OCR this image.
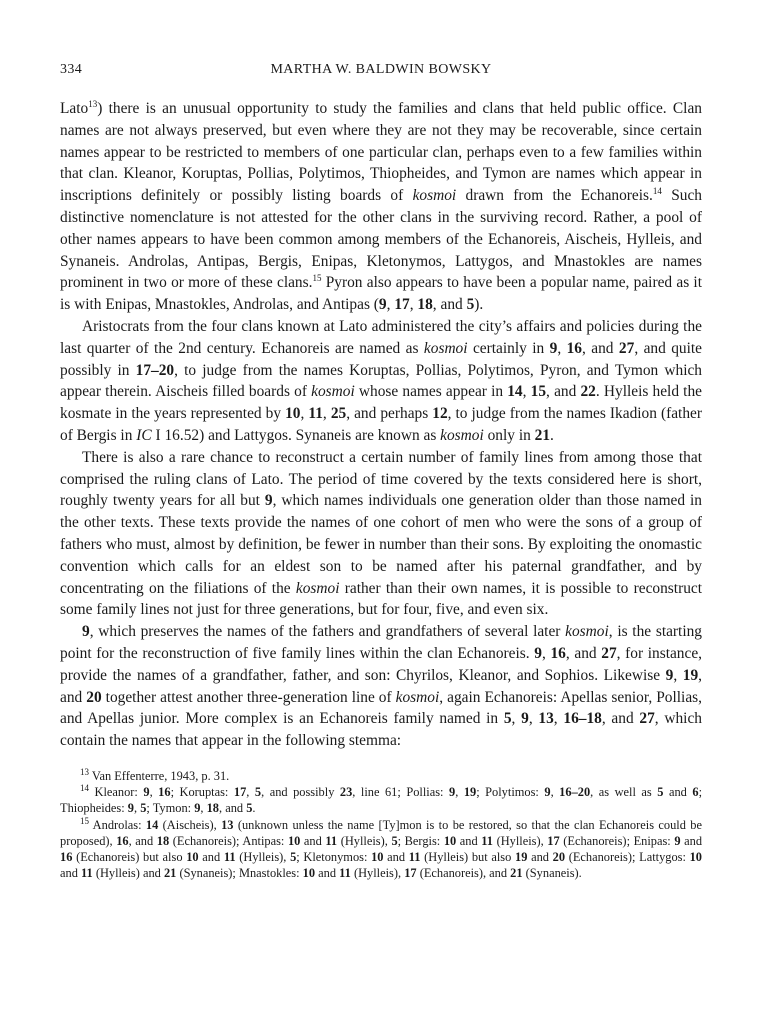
334	MARTHA W. BALDWIN BOWSKY

Lato$^{13}$) there is an unusual opportunity to study the families and clans that held public office. Clan names are not always preserved, but even where they are not they may be recoverable, since certain names appear to be restricted to members of one particular clan, perhaps even to a few families within that clan. Kleanor, Koruptas, Pollias, Polytimos, Thiopheides, and Tymon are names which appear in inscriptions definitely or possibly listing boards of kosmoi drawn from the Echanoreis.$^{14}$ Such distinctive nomenclature is not attested for the other clans in the surviving record. Rather, a pool of other names appears to have been common among members of the Echanoreis, Aischeis, Hylleis, and Synaneis. Androlas, Antipas, Bergis, Enipas, Kletonymos, Lattygos, and Mnastokles are names prominent in two or more of these clans.$^{15}$ Pyron also appears to have been a popular name, paired as it is with Enipas, Mnastokles, Androlas, and Antipas (9, 17, 18, and 5).

Aristocrats from the four clans known at Lato administered the city’s affairs and policies during the last quarter of the 2nd century. Echanoreis are named as kosmoi certainly in 9, 16, and 27, and quite possibly in 17–20, to judge from the names Koruptas, Pollias, Polytimos, Pyron, and Tymon which appear therein. Aischeis filled boards of kosmoi whose names appear in 14, 15, and 22. Hylleis held the kosmate in the years represented by 10, 11, 25, and perhaps 12, to judge from the names Ikadion (father of Bergis in IC I 16.52) and Lattygos. Synaneis are known as kosmoi only in 21.

There is also a rare chance to reconstruct a certain number of family lines from among those that comprised the ruling clans of Lato. The period of time covered by the texts considered here is short, roughly twenty years for all but 9, which names individuals one generation older than those named in the other texts. These texts provide the names of one cohort of men who were the sons of a group of fathers who must, almost by definition, be fewer in number than their sons. By exploiting the onomastic convention which calls for an eldest son to be named after his paternal grandfather, and by concentrating on the filiations of the kosmoi rather than their own names, it is possible to reconstruct some family lines not just for three generations, but for four, five, and even six.

9, which preserves the names of the fathers and grandfathers of several later kosmoi, is the starting point for the reconstruction of five family lines within the clan Echanoreis. 9, 16, and 27, for instance, provide the names of a grandfather, father, and son: Chyrilos, Kleanor, and Sophios. Likewise 9, 19, and 20 together attest another three-generation line of kosmoi, again Echanoreis: Apellas senior, Pollias, and Apellas junior. More complex is an Echanoreis family named in 5, 9, 13, 16–18, and 27, which contain the names that appear in the following stemma:

$^{13}$ Van Effenterre, 1943, p. 31.

$^{14}$ Kleanor: 9, 16; Koruptas: 17, 5, and possibly 23, line 61; Pollias: 9, 19; Polytimos: 9, 16–20, as well as 5 and 6; Thiopheides: 9, 5; Tymon: 9, 18, and 5.

$^{15}$ Androlas: 14 (Aischeis), 13 (unknown unless the name [Ty]mon is to be restored, so that the clan Echanoreis could be proposed), 16, and 18 (Echanoreis); Antipas: 10 and 11 (Hylleis), 5; Bergis: 10 and 11 (Hylleis), 17 (Echanoreis); Enipas: 9 and 16 (Echanoreis) but also 10 and 11 (Hylleis), 5; Kletonymos: 10 and 11 (Hylleis) but also 19 and 20 (Echanoreis); Lattygos: 10 and 11 (Hylleis) and 21 (Synaneis); Mnastokles: 10 and 11 (Hylleis), 17 (Echanoreis), and 21 (Synaneis).
